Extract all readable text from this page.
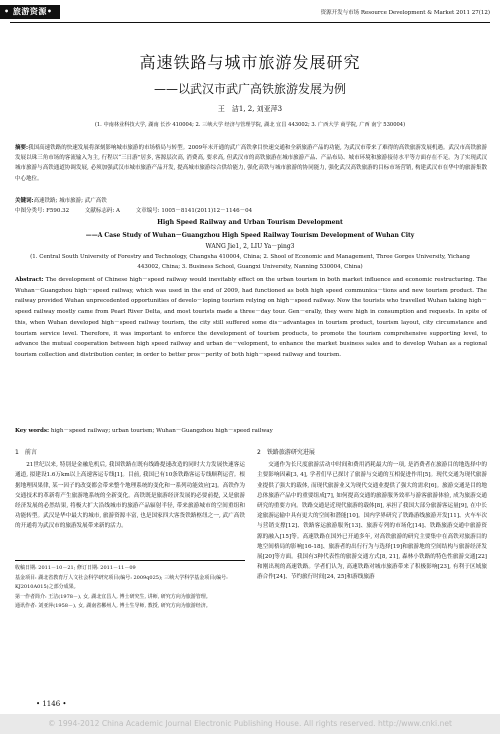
• 旅游资源•	资源开发与市场 Resource Development & Market 2011 27(12)
高速铁路与城市旅游发展研究
——以武汉市武广高铁旅游发展为例
王　洁1, 2, 刘亚萍3
(1. 中南林业科技大学, 湖南 长沙 410004; 2. 三峡大学 经济与管理学院, 湖北 宜昌 443002; 3. 广西大学 商学院, 广西 南宁 530004)
摘要:我国高速铁路的快速发展将深刻影响城市旅游的市场格局与转型。2009年末开通的武广高铁拿目快速交通和全新旅游产品的功能, 为武汉市带来了难得的高铁旅游发展机遇。武汉市高铁旅游发展以珠三角市场的客流输入为主, 行程以“三日游”居多, 客源层次高, 消费高, 要求高, 但武汉市的高铁旅游在城市旅游产品、产品布局、城市环境和旅游接待水平等方面存在不足。为了实现武汉城市旅游与高铁通道协调发展, 必须加强武汉市城市旅游产品开发, 提高城市旅游综合供给能力, 强化高铁与城市旅游的协同能力, 强化武汉高铁旅游的目标市场营销, 构建武汉市在华中的旅游集散中心地位。
关键词:高速铁路; 城市旅游; 武广高铁
中图分类号: F590.32	文献标志码: A	文章编号: 1005－8141(2011)12－1146－04
High Speed Railway and Urban Tourism Development
——A Case Study of Wuhan－Guangzhou High Speed Railway Tourism Development of Wuhan City
WANG Jie1, 2, LIU Ya－ping3
(1. Central South University of Forestry and Technology, Changsha 410004, China; 2. Shool of Economic and Management, Three Gorges University, Yichang 443002, China; 3. Business School, Guangxi University, Nanning 530004, China)
Abstract: The development of Chinese high－speed railway would inevitably effect on the urban tourism in both market influence and economic restructuring. The Wuhan－Guangzhou high－speed railway, which was used in the end of 2009, had functioned as both high speed communica－tions and new tourism product. The railway provided Wuhan unprecedented opportunities of develo－loping tourism relying on high－speed railway. Now the tourists who travelled Wuhan taking high－speed railway mostly came from Pearl River Delta, and most tourists made a three－day tour. Gen－erally, they were high in consumption and requests. In spite of this, when Wuhan developed high－speed railway tourism, the city still suffered some dis－advantages in tourism product, tourism layout, city circumstance and tourism service level. Therefore, it was important to enforce the development of tourism products, to promote the tourism comprehensive supporting level, to advance the mutual cooperation between high speed railway and urban de－velopment, to enhance the market business sales and to develop Wuhan as a regional tourism collection and distribution center, in order to better pros－perity of both high－speed railway and tourism.
Key words: high－speed railway; urban tourism; Wuhan－Guangzhou high－speed railway
1　前言
21世纪以来, 特别是金融危机后, 我国铁路在既有线路提速改造的同时大力发展快速客运通道, 拟建设1.6万km以上高速客运专线[1]。目前, 我国已有10条铁路客运专线顺利运营。根据地理因果律, 某一因子的改变都会带来整个地理系统的变化和一系列功能效应[2]。高铁作为交通技术的革新将产生旅游地系统的全新变化。高铁既是旅游经济发展的必要前提, 又是旅游经济发展的必然结果, 将极大扩大沿线城市的旅游产品辐射半径, 带来旅游城市的空间重组和功能转型。武汉是华中最大的城市, 旅游资源丰富, 也是国家四大客货铁路枢纽之一, 武广高铁的开通将为武汉市的旅游发展带来新的活力。
收稿日期: 2011－10－21; 修订日期: 2011－11－09
基金项目: 湖北省教育厅人文社会科学研究项目(编号: 2009q025); 三峡大学科学基金项目(编号: KJ2010A015)之部分成果。
第一作者简介: 王洁(1978－), 女, 湖北宜昌人, 博士研究生, 讲师, 研究方向为旅游管理。
通讯作者: 刘亚萍(1958－), 女, 湖南省郴州人, 博士生导师, 教授, 研究方向为旅游经济。
2　铁路旅游研究进展
交通作为长尺度旅游活动中时间和费用消耗最大的一项, 是消费者在旅游目的地选择中的主要影响因素[3, 4], 学者们早已探讨了旅游与交通的互相促进作用[5]。现代交通为现代旅游业提供了强大的载体, 而现代旅游业又为现代交通业提供了强大的需求[6]。旅游交通是目的地总体旅游产品中的重要组成[7], 如何提高交通的旅游服务效率与游客旅游体验, 成为旅游交通研究的重要方向。铁路交通是近现代旅游的载体[8], 承担了我国大部分旅游客运量[9], 在中长途旅游运输中具有更大的空间和潜能[10]。国内学界研究了铁路游线旅游开发[11]、火车车次与营销支撑[12]、铁路客运旅游服务[13]、旅游专列的市场化[14]、铁路旅游交通中旅游资源的融入[15]等。高速铁路在国外已开通多年, 对高铁旅游的研究主要集中在高铁对旅游目的地空间格局的影响[16-18]、旅游者的出行行为与选择[19]和旅游地的空间结构与旅游经济发展[20]等方面。我国有3种代表性的旅游交通方式[8, 21], 森林小铁路的特色性旅游交通[22]和刚出现的高速铁路。学者们认为, 高速铁路对城市旅游带来了积极影响[23], 有利于区域旅游合作[24]、节约旅行时间[24, 25]和游线旅游
• 1146 •
© 1994-2012 China Academic Journal Electronic Publishing House. All rights reserved. http://www.cnki.net
